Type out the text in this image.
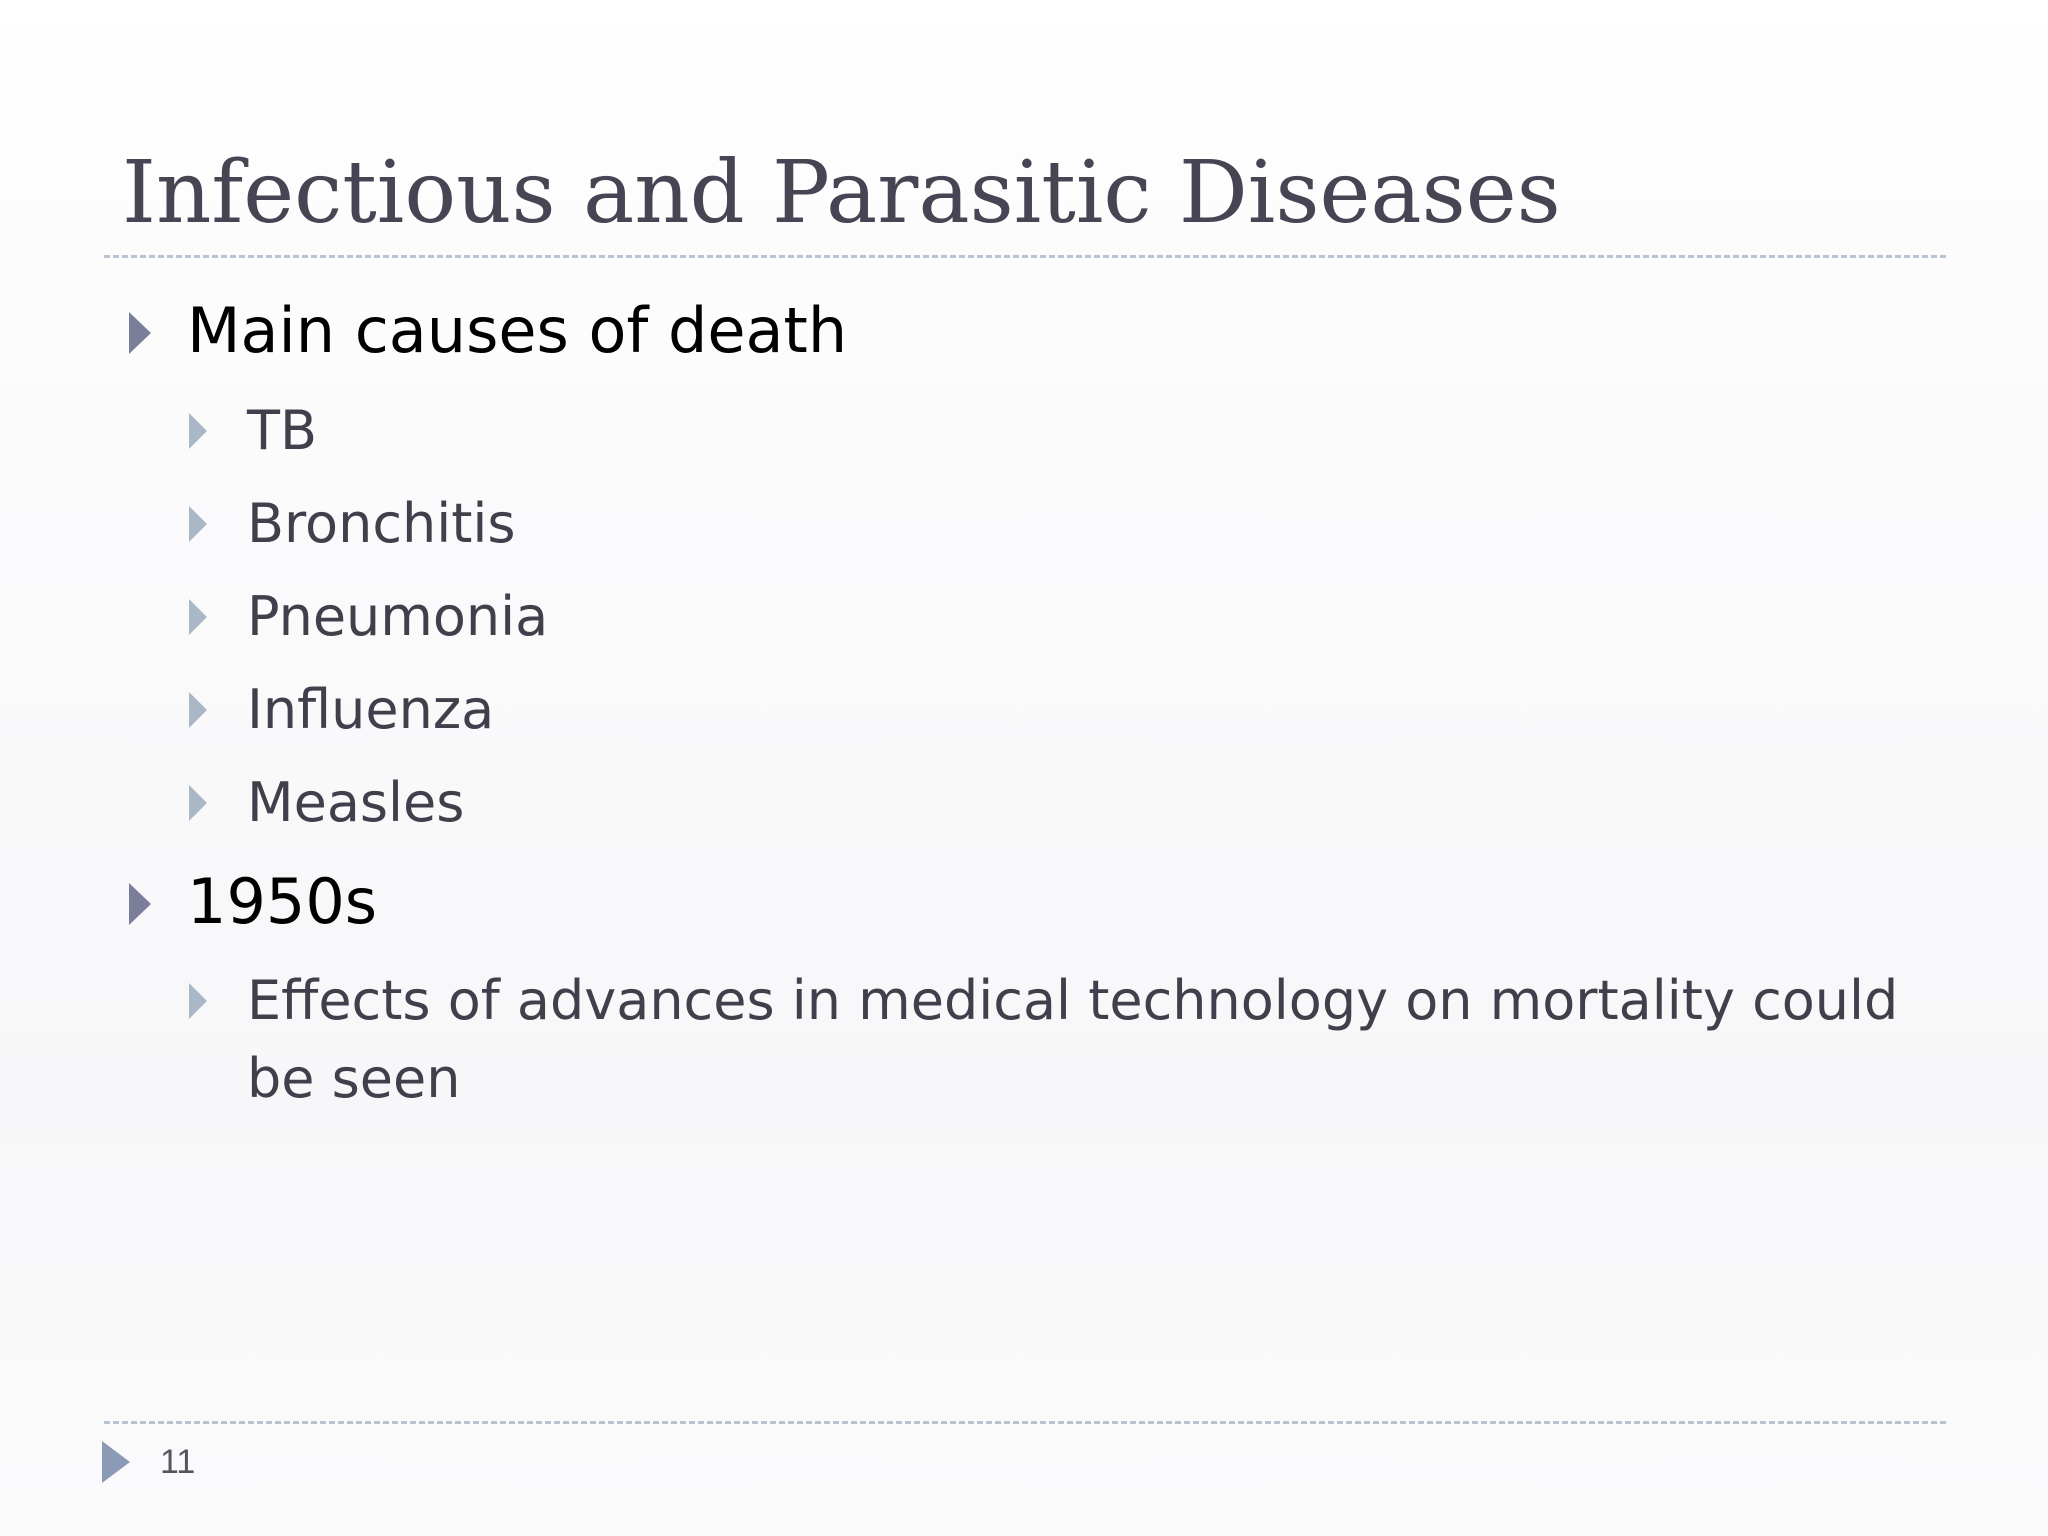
Infectious and Parasitic Diseases
Main causes of death
TB
Bronchitis
Pneumonia
Influenza
Measles
1950s
Effects of advances in medical technology on mortality could be seen
11
